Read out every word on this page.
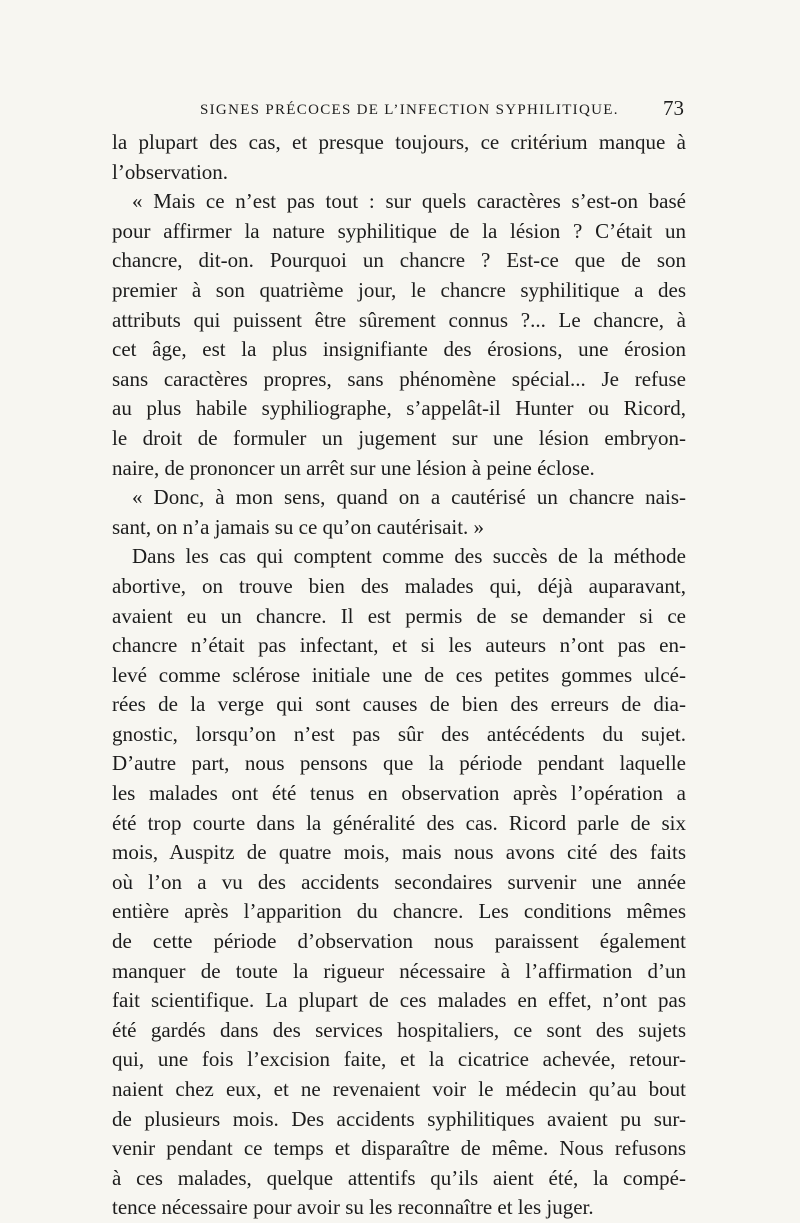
SIGNES PRÉCOCES DE L’INFECTION SYPHILITIQUE. 73
la plupart des cas, et presque toujours, ce critérium manque à
l’observation.
« Mais ce n’est pas tout : sur quels caractères s’est-on basé
pour affirmer la nature syphilitique de la lésion ? C’était un
chancre, dit-on. Pourquoi un chancre ? Est-ce que de son
premier à son quatrième jour, le chancre syphilitique a des
attributs qui puissent être sûrement connus ?... Le chancre, à
cet âge, est la plus insignifiante des érosions, une érosion
sans caractères propres, sans phénomène spécial... Je refuse
au plus habile syphiliographe, s’appelât-il Hunter ou Ricord,
le droit de formuler un jugement sur une lésion embryon-
naire, de prononcer un arrêt sur une lésion à peine éclose.
« Donc, à mon sens, quand on a cautérisé un chancre nais-
sant, on n’a jamais su ce qu’on cautérisait. »
Dans les cas qui comptent comme des succès de la méthode
abortive, on trouve bien des malades qui, déjà auparavant,
avaient eu un chancre. Il est permis de se demander si ce
chancre n’était pas infectant, et si les auteurs n’ont pas en-
levé comme sclérose initiale une de ces petites gommes ulcé-
rées de la verge qui sont causes de bien des erreurs de dia-
gnostic, lorsqu’on n’est pas sûr des antécédents du sujet.
D’autre part, nous pensons que la période pendant laquelle
les malades ont été tenus en observation après l’opération a
été trop courte dans la généralité des cas. Ricord parle de six
mois, Auspitz de quatre mois, mais nous avons cité des faits
où l’on a vu des accidents secondaires survenir une année
entière après l’apparition du chancre. Les conditions mêmes
de cette période d’observation nous paraissent également
manquer de toute la rigueur nécessaire à l’affirmation d’un
fait scientifique. La plupart de ces malades en effet, n’ont pas
été gardés dans des services hospitaliers, ce sont des sujets
qui, une fois l’excision faite, et la cicatrice achevée, retour-
naient chez eux, et ne revenaient voir le médecin qu’au bout
de plusieurs mois. Des accidents syphilitiques avaient pu sur-
venir pendant ce temps et disparaître de même. Nous refusons
à ces malades, quelque attentifs qu’ils aient été, la compé-
tence nécessaire pour avoir su les reconnaître et les juger.
